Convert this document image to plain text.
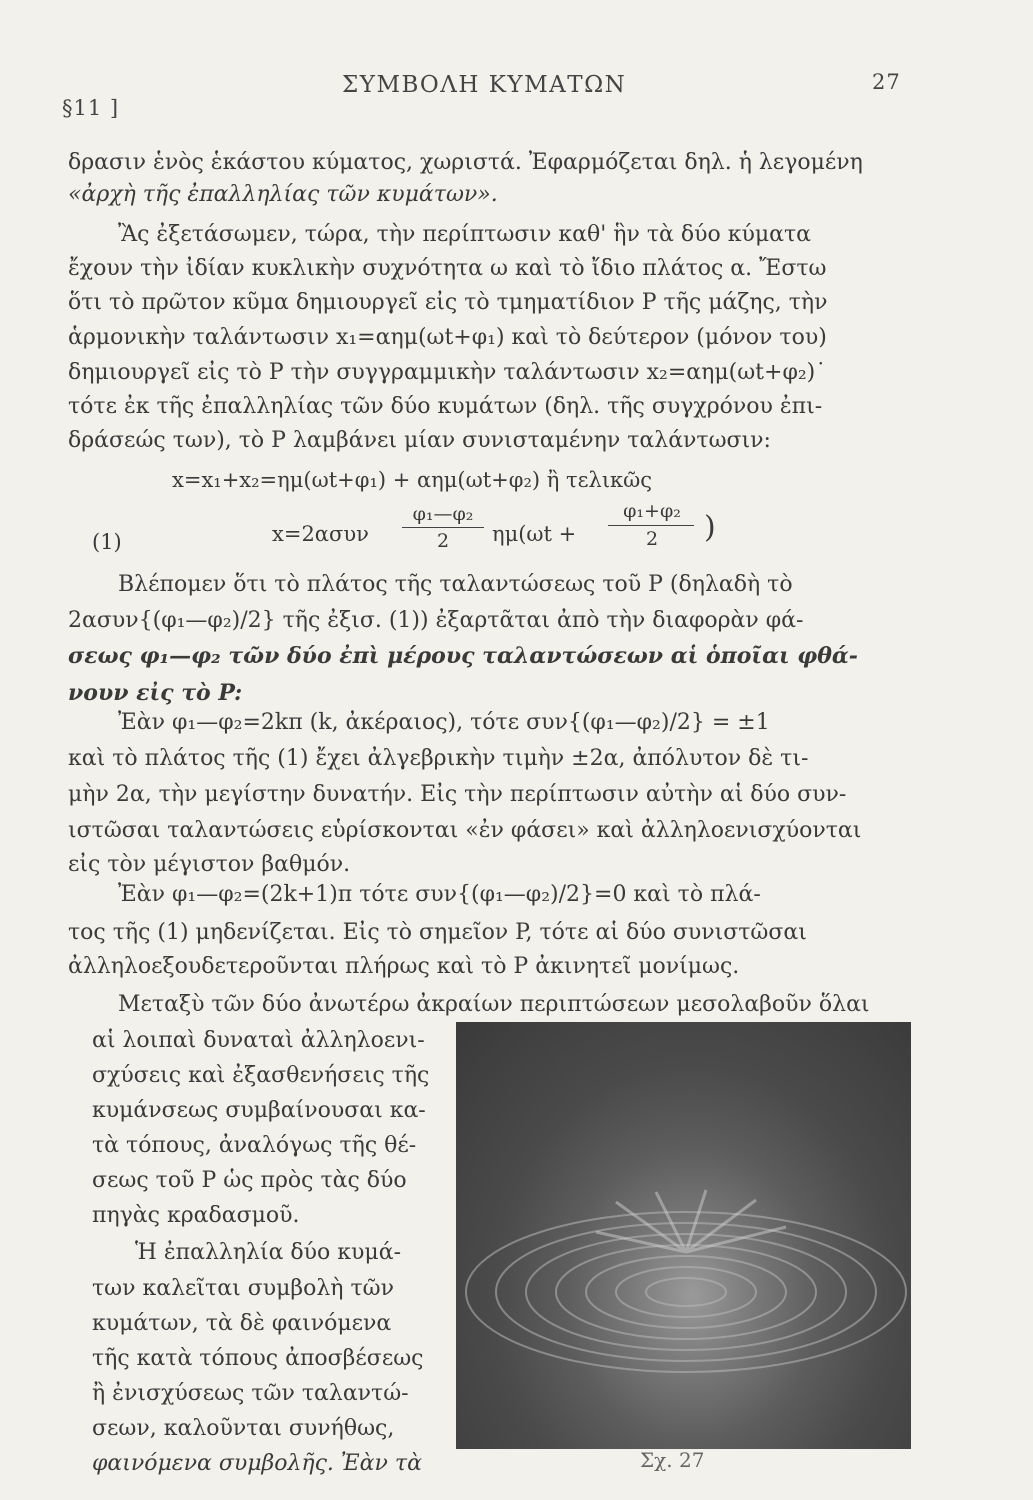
§11 ]
ΣΥΜΒΟΛΗ ΚΥΜΑΤΩΝ	27
δρασιν ἑνὸς ἑκάστου κύματος, χωριστά. Ἐφαρμόζεται δηλ. ἡ λεγομένη
«ἀρχὴ τῆς ἐπαλληλίας τῶν κυμάτων».
Ἂς ἐξετάσωμεν, τώρα, τὴν περίπτωσιν καθ' ἣν τὰ δύο κύματα
ἔχουν τὴν ἰδίαν κυκλικὴν συχνότητα ω καὶ τὸ ἴδιο πλάτος α. Ἔστω
ὅτι τὸ πρῶτον κῦμα δημιουργεῖ εἰς τὸ τμηματίδιον P τῆς μάζης, τὴν
ἁρμονικὴν ταλάντωσιν x₁=αημ(ωt+φ₁) καὶ τὸ δεύτερον (μόνον του)
δημιουργεῖ εἰς τὸ P τὴν συγγραμμικὴν ταλάντωσιν x₂=αημ(ωt+φ₂)˙
τότε ἐκ τῆς ἐπαλληλίας τῶν δύο κυμάτων (δηλ. τῆς συγχρόνου ἐπι-
δράσεώς των), τὸ P λαμβάνει μίαν συνισταμένην ταλάντωσιν:
x=x₁+x₂=ημ(ωt+φ₁) + αημ(ωt+φ₂) ἢ τελικῶς
(1)	x=2ασυν
φ₁—φ₂
2	ημ(ωt +
φ₁+φ₂
2	)
Βλέπομεν ὅτι τὸ πλάτος τῆς ταλαντώσεως τοῦ P (δηλαδὴ τὸ
2ασυν{(φ₁—φ₂)/2} τῆς ἐξισ. (1)) ἐξαρτᾶται ἀπὸ τὴν διαφορὰν φά-
σεως φ₁—φ₂ τῶν δύο ἐπὶ μέρους ταλαντώσεων αἱ ὁποῖαι φθά-
νουν εἰς τὸ P:
Ἐὰν φ₁—φ₂=2kπ (k, ἀκέραιος), τότε συν{(φ₁—φ₂)/2} = ±1
καὶ τὸ πλάτος τῆς (1) ἔχει ἀλγεβρικὴν τιμὴν ±2α, ἀπόλυτον δὲ τι-
μὴν 2α, τὴν μεγίστην δυνατήν. Εἰς τὴν περίπτωσιν αὐτὴν αἱ δύο συν-
ιστῶσαι ταλαντώσεις εὑρίσκονται «ἐν φάσει» καὶ ἀλληλοενισχύονται
εἰς τὸν μέγιστον βαθμόν.
Ἐὰν φ₁—φ₂=(2k+1)π τότε συν{(φ₁—φ₂)/2}=0 καὶ τὸ πλά-
τος τῆς (1) μηδενίζεται. Εἰς τὸ σημεῖον P, τότε αἱ δύο συνιστῶσαι
ἀλληλοεξουδετεροῦνται πλήρως καὶ τὸ P ἀκινητεῖ μονίμως.
Μεταξὺ τῶν δύο ἀνωτέρω ἀκραίων περιπτώσεων μεσολαβοῦν ὅλαι
αἱ λοιπαὶ δυναταὶ ἀλληλοενι-
σχύσεις καὶ ἐξασθενήσεις τῆς
κυμάνσεως συμβαίνουσαι κα-
τὰ τόπους, ἀναλόγως τῆς θέ-
σεως τοῦ P ὡς πρὸς τὰς δύο
πηγὰς κραδασμοῦ.
Ἡ ἐπαλληλία δύο κυμά-
των καλεῖται συμβολὴ τῶν
κυμάτων, τὰ δὲ φαινόμενα
τῆς κατὰ τόπους ἀποσβέσεως
ἢ ἐνισχύσεως τῶν ταλαντώ-
σεων, καλοῦνται συνήθως,
φαινόμενα συμβολῆς. Ἐὰν τὰ	Σχ. 27
